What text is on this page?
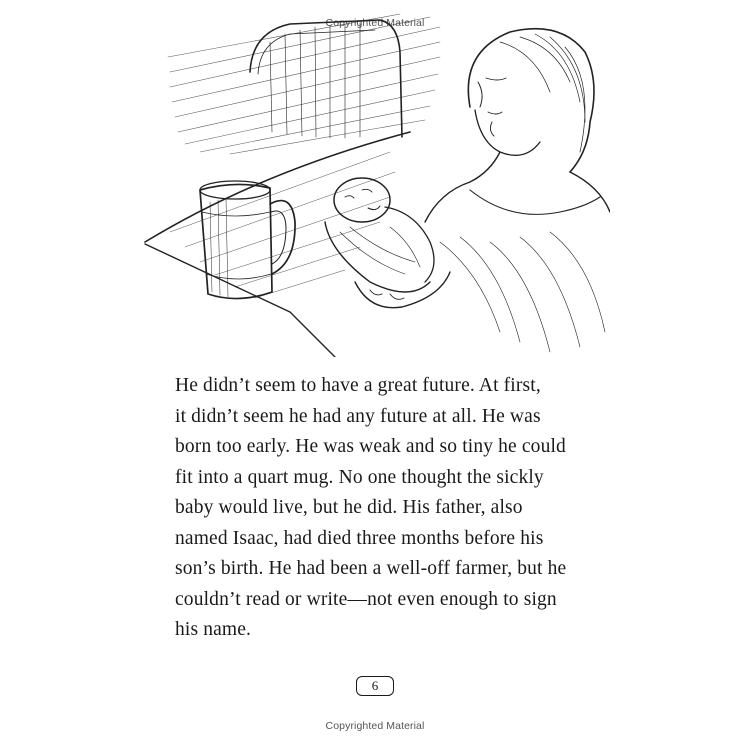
Copyrighted Material

He didn’t seem to have a great future. At first,
it didn’t seem he had any future at all. He was
born too early. He was weak and so tiny he could
fit into a quart mug. No one thought the sickly
baby would live, but he did. His father, also
named Isaac, had died three months before his
son’s birth. He had been a well-off farmer, but he
couldn’t read or write—not even enough to sign
his name.

6
Copyrighted Material
